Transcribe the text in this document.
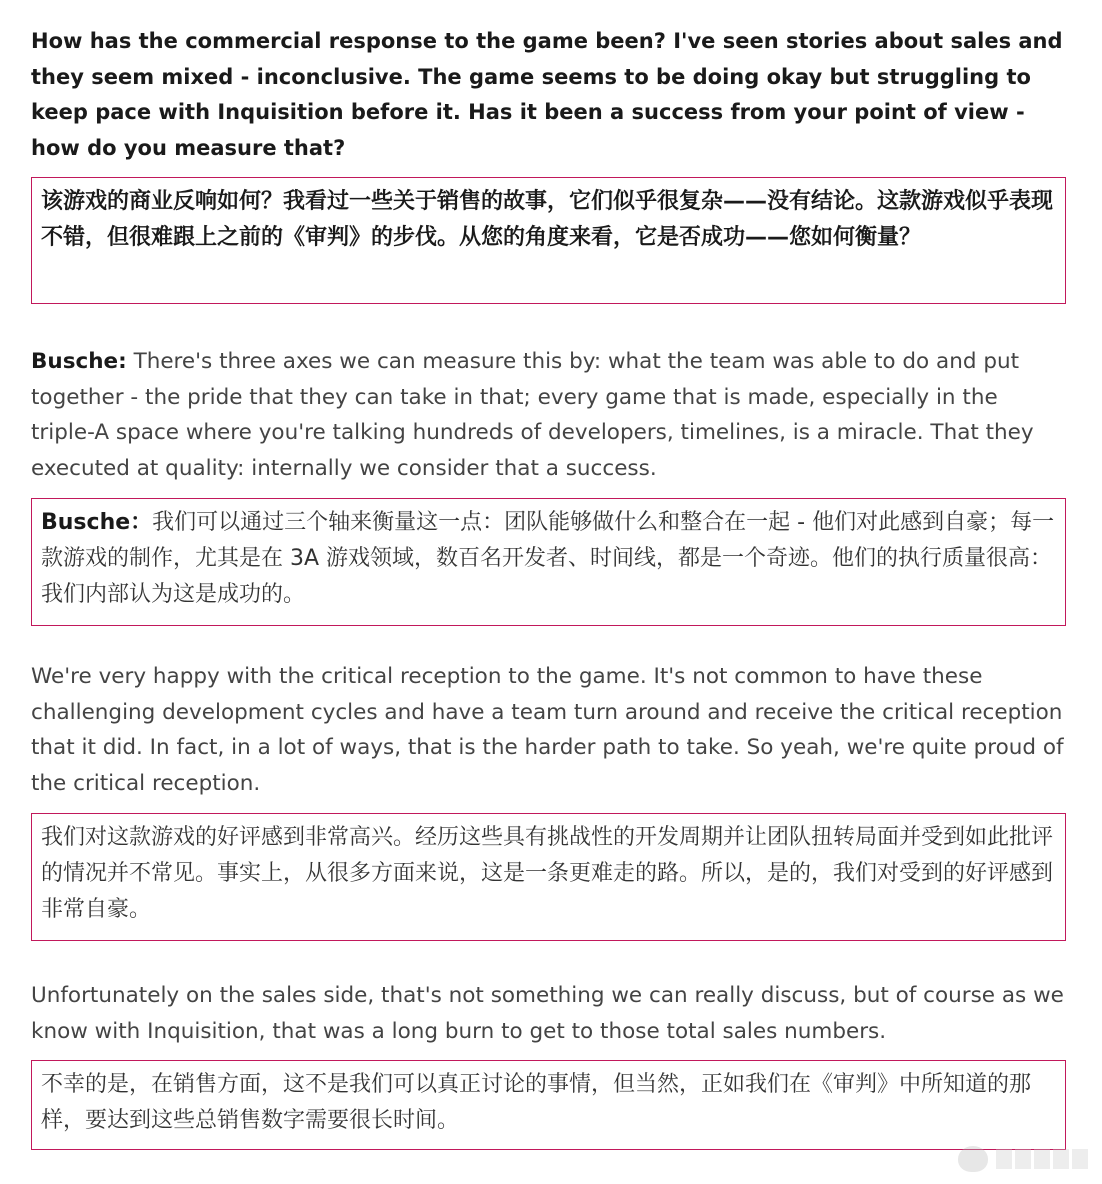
How has the commercial response to the game been? I've seen stories about sales and they seem mixed - inconclusive. The game seems to be doing okay but struggling to keep pace with Inquisition before it. Has it been a success from your point of view - how do you measure that?

该游戏的商业反响如何？我看过一些关于销售的故事，它们似乎很复杂——没有结论。这款游戏似乎表现不错，但很难跟上之前的《审判》的步伐。从您的角度来看，它是否成功——您如何衡量？

Busche: There's three axes we can measure this by: what the team was able to do and put together - the pride that they can take in that; every game that is made, especially in the triple-A space where you're talking hundreds of developers, timelines, is a miracle. That they executed at quality: internally we consider that a success.

Busche：我们可以通过三个轴来衡量这一点：团队能够做什么和整合在一起 - 他们对此感到自豪；每一款游戏的制作，尤其是在 3A 游戏领域，数百名开发者、时间线，都是一个奇迹。他们的执行质量很高：我们内部认为这是成功的。

We're very happy with the critical reception to the game. It's not common to have these challenging development cycles and have a team turn around and receive the critical reception that it did. In fact, in a lot of ways, that is the harder path to take. So yeah, we're quite proud of the critical reception.

我们对这款游戏的好评感到非常高兴。经历这些具有挑战性的开发周期并让团队扭转局面并受到如此批评的情况并不常见。事实上，从很多方面来说，这是一条更难走的路。所以，是的，我们对受到的好评感到非常自豪。

Unfortunately on the sales side, that's not something we can really discuss, but of course as we know with Inquisition, that was a long burn to get to those total sales numbers.

不幸的是，在销售方面，这不是我们可以真正讨论的事情，但当然，正如我们在《审判》中所知道的那样，要达到这些总销售数字需要很长时间。
